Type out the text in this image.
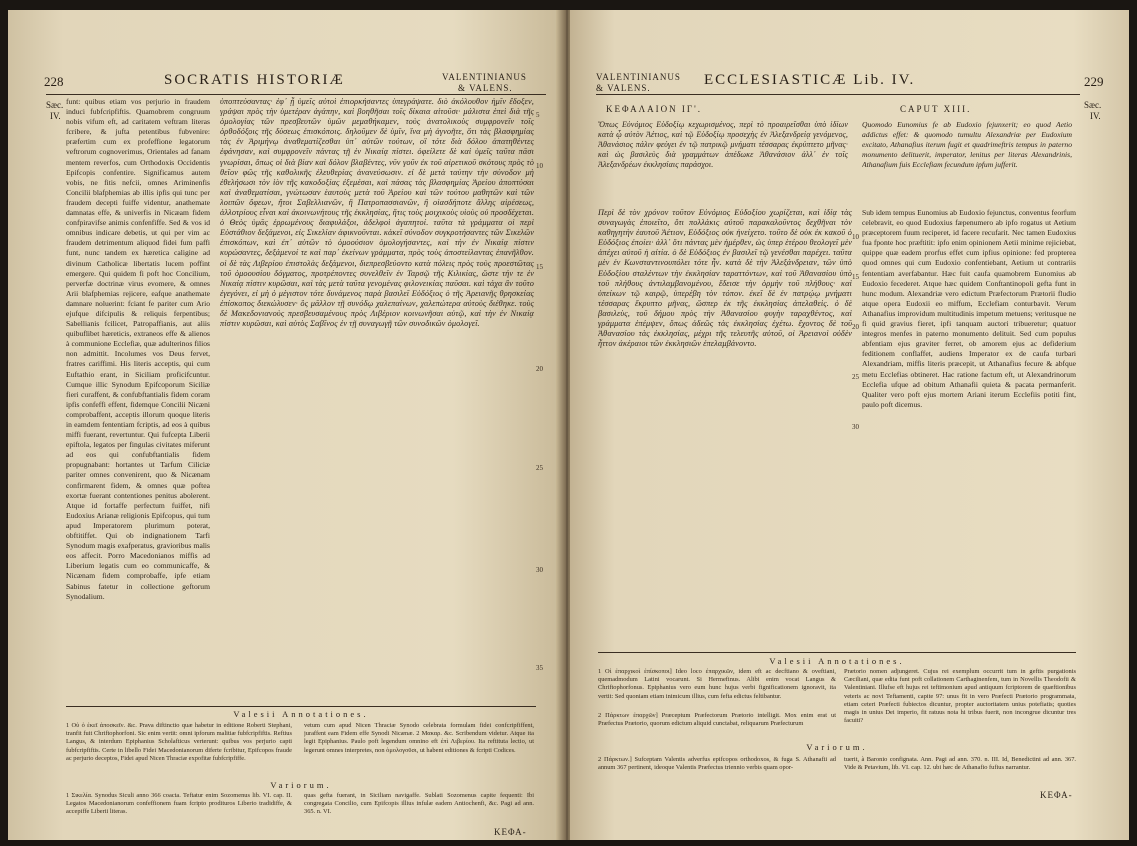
228	SOCRATIS HISTORIÆ	VALENTINIANUS
& VALENS.
Sæc.
IV.

funt: quibus etiam vos perjurio in fraudem induci fubfcripfiftis. Quamobrem congruum nobis vifum eft, ad caritatem veftram literas fcribere, & jufta petentibus fubvenire: præfertim cum ex profeffione legatorum veftrorum cognoverimus, Orientales ad fanam mentem reverfos, cum Orthodoxis Occidentis Epifcopis confentire. Significamus autem vobis, ne fitis nefcii, omnes Ariminenfis Concilii blafphemias ab illis ipfis qui tunc per fraudem decepti fuiffe videntur, anathemate damnatas effe, & univerfis in Nicæam fidem confpiravifse animis confenfiffe. Sed & vos id omnibus indicare debetis, ut qui per vim ac fraudem detrimentum aliquod fidei fum paffi funt, nunc tandem ex hæretica caligine ad divinum Catholicæ libertatis lucem poffint emergere. Qui quidem fi poft hoc Concilium, perverfæ doctrinæ virus evomere, & omnes Arii blafphemias rejicere, eafque anathemate damnare noluerint: fciant fe pariter cum Ario ejufque difcipulis & reliquis ferpentibus; Sabellianis fcilicet, Patropaffianis, aut aliis quibuflibet hæreticis, extraneos effe & alienos à communione Ecclefiæ, quæ adulterinos filios non admittit. Incolumes vos Deus fervet, fratres cariffimi. His literis acceptis, qui cum Euftathio erant, in Siciliam proficifcuntur. Cumque illic Synodum Epifcoporum Siciliæ fieri curaffent, & confubftantialis fidem coram ipfis confeffi effent, fidemque Concilii Nicæni comprobaffent, acceptis illorum quoque literis in eamdem fententiam fcriptis, ad eos à quibus miffi fuerant, revertuntur. Qui fufcepta Liberii epiftola, legatos per fingulas civitates miferunt ad eos qui confubftantialis fidem propugnabant: hortantes ut Tarfum Ciliciæ pariter omnes convenirent, quo & Nicænam confirmarent fidem, & omnes quæ poftea exortæ fuerant contentiones penitus abolerent. Atque id fortaffe perfectum fuiffet, nifi Eudoxius Arianæ religionis Epifcopus, qui tum apud Imperatorem plurimum poterat, obftitiffet. Qui ob indignationem Tarfi Synodum magis exafperatus, gravioribus malis eos affecit. Porro Macedonianos miffis ad Liberium legatis cum eo communicaffe, & Nicænam fidem comprobaffe, ipfe etiam Sabinus fatetur in collectione geftorum Synodalium.

ὑποπτεύσαντας· ἐφ᾽ ᾗ ὑμεῖς αὐτοὶ ἐπιορκήσαντες ὑπεγράψατε. διὸ ἀκόλουθον ἡμῖν ἔδοξεν, γράψαι πρὸς τὴν ὑμετέραν ἀγάπην, καὶ βοηθῆσαι τοῖς δίκαια αἰτοῦσι· μάλιστα ἐπεὶ διὰ τῆς ὁμολογίας τῶν πρεσβευτῶν ὑμῶν μεμαθήκαμεν, τοὺς ἀνατολικοὺς συμφρονεῖν τοῖς ὀρθοδόξοις τῆς δύσεως ἐπισκόποις. δηλοῦμεν δὲ ὑμῖν, ἵνα μὴ ἀγνοῆτε, ὅτι τὰς βλασφημίας τὰς ἐν Ἀριμήνῳ ἀναθεματίζεσθαι ὑπ᾽ αὐτῶν τούτων, οἳ τότε διὰ δόλου ἀπατηθέντες ἐφάνησαν, καὶ συμφρονεῖν πάντας τῇ ἐν Νικαίᾳ πίστει. ὀφείλετε δὲ καὶ ὑμεῖς ταῦτα πᾶσι γνωρίσαι, ὅπως οἱ διὰ βίαν καὶ δόλον βλαβέντες, νῦν γοῦν ἐκ τοῦ αἱρετικοῦ σκότους πρὸς τὸ θεῖον φῶς τῆς καθολικῆς ἐλευθερίας ἀνανεύσωσιν. εἰ δὲ μετὰ ταύτην τὴν σύνοδον μὴ ἐθελήσωσι τὸν ἰὸν τῆς κακοδοξίας ἐξεμέσαι, καὶ πάσας τὰς βλασφημίας Ἀρείου ἀποπτύσαι καὶ ἀναθεματίσαι, γνώτωσαν ἑαυτοὺς μετὰ τοῦ Ἀρείου καὶ τῶν τούτου μαθητῶν καὶ τῶν λοιπῶν ὄφεων, ἤτοι Σαβελλιανῶν, ἢ Πατροπασσιανῶν, ἢ οἱασδήποτε ἄλλης αἱρέσεως, ἀλλοτρίους εἶναι καὶ ἀκοινωνήτους τῆς ἐκκλησίας, ἥτις τοὺς μοιχικοὺς υἱοὺς οὐ προσδέχεται. ὁ Θεὸς ὑμᾶς ἐρρωμένους διαφυλάξοι, ἀδελφοὶ ἀγαπητοί. ταῦτα τὰ γράμματα οἱ περὶ Εὐστάθιον δεξάμενοι, εἰς Σικελίαν ἀφικνοῦνται. κἀκεῖ σύνοδον συγκροτήσαντες τῶν Σικελῶν ἐπισκόπων, καὶ ἐπ᾽ αὐτῶν τὸ ὁμοούσιον ὁμολογήσαντες, καὶ τὴν ἐν Νικαίᾳ πίστιν κυρώσαντες, δεξάμενοί τε καὶ παρ᾽ ἐκείνων γράμματα, πρὸς τοὺς ἀποστείλαντας ἐπανῆλθον. οἱ δὲ τὰς Λιβερίου ἐπιστολὰς δεξάμενοι, διεπρεσβεύοντο κατὰ πόλεις πρὸς τοὺς προεστῶτας τοῦ ὁμοουσίου δόγματος, προτρέποντες συνελθεῖν ἐν Ταρσῷ τῆς Κιλικίας, ὥστε τήν τε ἐν Νικαίᾳ πίστιν κυρῶσαι, καὶ τὰς μετὰ ταῦτα γενομένας φιλονεικίας παῦσαι. καὶ τάχα ἂν τοῦτο ἐγεγόνει, εἰ μὴ ὁ μέγιστον τότε δυνάμενος παρὰ βασιλεῖ Εὐδόξιος ὁ τῆς Ἀρειανῆς θρησκείας ἐπίσκοπος διεκώλυσεν· ὃς μᾶλλον τῇ συνόδῳ χαλεπαίνων, χαλεπώτερα αὐτοὺς διέθηκε. τοὺς δὲ Μακεδονιανοὺς πρεσβευσαμένους πρὸς Λιβέριον κοινωνῆσαι αὐτῷ, καὶ τὴν ἐν Νικαίᾳ πίστιν κυρῶσαι, καὶ αὐτὸς Σαβῖνος ἐν τῇ συναγωγῇ τῶν συνοδικῶν ὁμολογεῖ.

5
10
15
20
25
30
35
Valesii Annotationes.
1 Οὐ ὁ ἐκεῖ ἀποσκεῖν. &c. Prava diftinctio quæ habetur in editione Roberti Stephani, tranfit fuit Chriftophorfoni. Sic enim vertit: omni ipforum malitiæ fubfcripfiftis. Reftius Langus, & interdum Epiphanius Scholafticus verterunt: quibus vos perjurio capti fubfcripfiftis. Certe in libello Fidei Macedonianorum diferte fcribitur, Epifcopos fraude ac perjurio deceptos, Fidei apud Nicen Thraciæ expofitæ fubfcripfiffe.
vetum cum apud Nicen Thraciæ Synodo celebrata formulam fidei confcripfiffent, juraffent eam Fidem effe Synodi Nicænæ. 2 Μακαρ. &c. Scribendum videtur. Atque ita legit Epiphanius. Paulo poft legendum omnino eft ἐπὶ Λιβερίου. Ita reftituta lectio, ut legerunt omnes interpretes, non ὁμολογοῦσι, ut habent editiones & fcripti Codices.
Variorum.
1 Σικελία. Synodus Siculi anno 366 coacta. Teftatur enim Sozomenus lib. VI. cap. II. Legatos Macedonianorum confeffionem fuam fcripto prodituros Liberio tradidiffe, & accepiffe Liberii literas.
quas gefta fuerant, in Siciliam navigaffe. Sublati Sozomenus capite fequenti: Ibi congregata Concilio, cum Epifcopis illius infulæ eadem Antiochenfi, &c. Pagi ad ann. 365. n. VI.
ΚΕΦΑ-
VALENTINIANUS
& VALENS.	ECCLESIASTICÆ Lib. IV.	229
Sæc.
IV.
ΚΕΦΑΛΑΙΟΝ ΙΓ'.	CAPUT XIII.

Ὅπως Εὐνόμιος Εὐδοξίῳ κεχωρισμένος, περὶ τὸ προαιρεῖσθαι ὑπὸ ἰδίων κατὰ ᾧ αὐτὸν Ἀέτιος, καὶ τῷ Εὐδοξίῳ προσεχὴς ἐν Ἀλεξανδρείᾳ γενόμενος, Ἀθανάσιος πάλιν φεύγει ἐν τῷ πατρικῷ μνήματι τέσσαρας ἐκρύπτετο μῆνας· καὶ ὡς βασιλεὺς διὰ γραμμάτων ἀπέδωκε Ἀθανάσιον ἀλλ᾽ ἐν τοῖς Ἀλεξανδρέων ἐκκλησίαις παράσχοι.

Quomodo Eunomius fe ab Eudoxio fejunxerit; eo quod Aetio addictus effet: & quomodo tumultu Alexandriæ per Eudoxium excitato, Athanafius iterum fugit et quadrimeftris tempus in paterno monumento delituerit, imperator, lenitus per literas Alexandrinis, Athanafium fuis Ecclefiam fecundum ipfum jufferit.

Περὶ δὲ τὸν χρόνον τοῦτον Εὐνόμιος Εὐδοξίου χωρίζεται, καὶ ἰδίᾳ τὰς συναγωγὰς ἐποιεῖτο, ὅτι πολλάκις αὐτοῦ παρακαλοῦντος δεχθῆναι τὸν καθηγητὴν ἑαυτοῦ Ἀέτιον, Εὐδόξιος οὐκ ἠνείχετο. τοῦτο δὲ οὐκ ἐκ κακοῦ ὁ Εὐδόξιος ἐποίει· ἀλλ᾽ ὅτι πάντας μὲν ἠμέρθεν, ὡς ὑπερ ἑτέρου θεολογεῖ μὲν ἀπέχει αὐτοῦ ἡ αἰτία. ὁ δὲ Εὐδόξιος ἐν βασιλεῖ τῷ γενέσθαι παρέχει. ταῦτα μὲν ἐν Κωνσταντινουπόλει τότε ἦν. κατὰ δὲ τὴν Ἀλεξάνδρειαν, τῶν ὑπὸ Εὐδοξίου σταλέντων τὴν ἐκκλησίαν ταραττόντων, καὶ τοῦ Ἀθανασίου ὑπὸ τοῦ πλήθους ἀντιλαμβανομένου, ἔδεισε τὴν ὁρμὴν τοῦ πλήθους· καὶ ὑπείκων τῷ καιρῷ, ὑπερέβη τὸν τόπον. ἐκεῖ δὲ ἐν πατρῴῳ μνήματι τέσσαρας ἔκρυπτο μῆνας, ὥσπερ ἐκ τῆς ἐκκλησίας ἀπελαθεὶς. ὁ δὲ βασιλεὺς, τοῦ δήμου πρὸς τὴν Ἀθανασίου φυγὴν ταραχθέντος, καὶ γράμματα ἐπέμψεν, ὅπως ἀδεῶς τὰς ἐκκλησίας ἐχέτω. ἔχοντος δὲ τοῦ Ἀθανασίου τὰς ἐκκλησίας, μέχρι τῆς τελευτῆς αὐτοῦ, οἱ Ἀρειανοὶ οὐδὲν ἧττον ἀκέραιοι τῶν ἐκκλησιῶν ἐπελαμβάνοντο.

Sub idem tempus Eunomius ab Eudoxio fejunctus, conventus feorfum celebravit, eo quod Eudoxius fæpenumero ab ipfo rogatus ut Aetium præceptorem fuum reciperet, id facere recufarit. Nec tamen Eudoxius fua fponte hoc præftitit: ipfo enim opinionem Aetii minime rejiciebat, quippe quæ eadem prorfus effet cum ipfius opinione: fed propterea quod omnes qui cum Eudoxio confentiebant, Aetium ut contrariis fententiam averfabantur. Hæc fuit caufa quamobrem Eunomius ab Eudoxio fecederet. Atque hæc quidem Conftantinopoli gefta funt in hunc modum. Alexandriæ vero edictum Præfectorum Prætorii fludio atque opera Eudoxii eo miffum, Ecclefiam conturbavit. Verum Athanafius improvidum multitudinis impetum metuens; veritusque ne fi quid gravius fieret, ipfi tanquam auctori tribueretur; quatuor integros menfes in paterno monumento delituit. Sed cum populus abfentiam ejus graviter ferret, ob amorem ejus ac defiderium feditionem conflaffet, audiens Imperator ex de caufa turbari Alexandriam, miffis literis præcepit, ut Athanafius fecure & abfque metu Ecclefias obtineret. Hac ratione factum eft, ut Alexandrinorum Ecclefia ufque ad obitum Athanafii quieta & pacata permanferit. Qualiter vero poft ejus mortem Ariani iterum Ecclefiis potiti fint, paulo poft dicemus.

10
15
20
25
30
Valesii Annotationes.
1 Οἱ ἐπαρχικοὶ ἐπίσκοποι] Ideo loco ἐπαρχικῶν, idem eft ac decftiano & oveftiani, quemadmodum Latini vocarunt. Si Hermefinus. Alibi enim vocat Langus & Chriftophorfonus. Epiphanius vero eum hunc hujus verbi fignificationem ignoravit, ita vertit: Sed quoniam etiam inimicum illius, cum fefta edictus feltibantur.
2 Πάρκτων ἐπαρχῶν] Præceptum Præfectorum Prætorio intelligit. Mox enim erat ut Præfectus Prætorio, quorum edictum aliquid cunctabat, reliquarum Præfecturum
Prætorio nomen adjungeret. Cujus rei exemplum occurrit tum in geftis purgationis Cæciliani, quæ edita funt poft collationem Carthaginenfem, tum in Novellis Theodofii & Valentiniani. Illufse eft hujus rei teftimonium apud antiquum fcriptorem de quæftionibus veteris ac novi Teftamenti, capite 97: unus fit in vero Præfecti Prætorio programmata, etiam ceteri Præfecti fubiectos dicuntur, propter auctoritatem unius potefiatis; quoties magis in unius Dei imperio, fit ratuus nota hi tribus fuerit, non incongrue dicuntur tres facuiti?
Variorum.
2 Πάρκτων.] Sufceptam Valentis adverfus epifcopos orthodoxos, & fuga S. Athanafii ad annum 367 pertinent, ideoque Valentis Præfectus triennio verbis quam opor-
tuerit, à Baronio confignata. Ann. Pagi ad ann. 370. n. III. Id, Benedictini ad ann. 367. Vide & Petavium, lib. VI. cap. 12. ubi hæc de Athanafio fufius narrantur.
ΚΕΦΑ-
